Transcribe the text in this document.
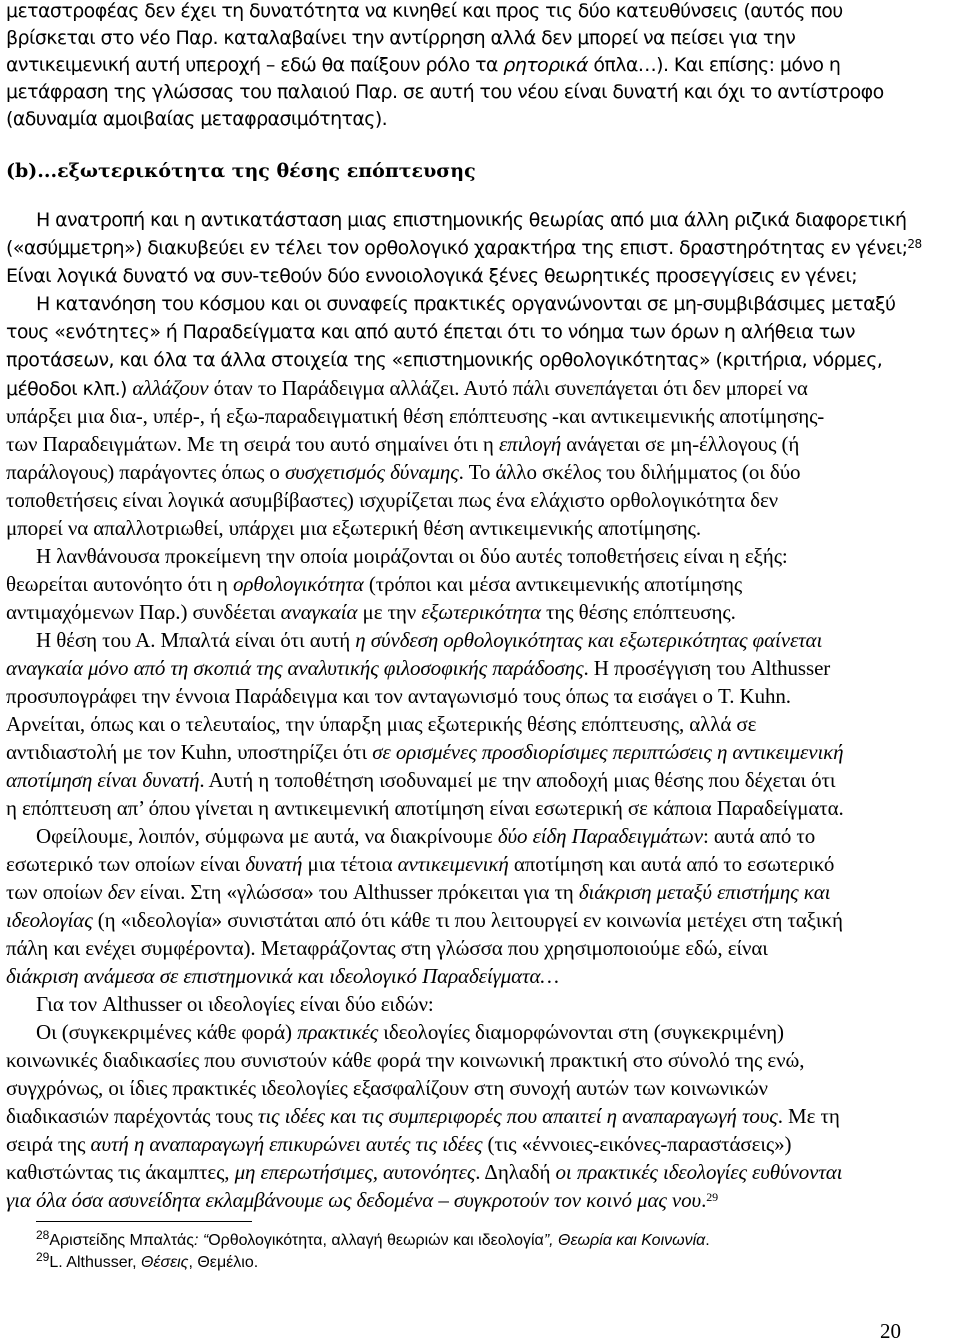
μεταστροφέας δεν έχει τη δυνατότητα να κινηθεί και προς τις δύο κατευθύνσεις (αυτός που
βρίσκεται στο νέο Παρ. καταλαβαίνει την αντίρρηση αλλά δεν μπορεί να πείσει για την
αντικειμενική αυτή υπεροχή – εδώ θα παίξουν ρόλο τα ρητορικά όπλα…). Και επίσης: μόνο η
μετάφραση της γλώσσας του παλαιού Παρ. σε αυτή του νέου είναι δυνατή και όχι το αντίστροφο
(αδυναμία αμοιβαίας μεταφρασιμότητας).
(b)...εξωτερικότητα της θέσης επόπτευσης
Η ανατροπή και η αντικατάσταση μιας επιστημονικής θεωρίας από μια άλλη ριζικά διαφορετική
(«ασύμμετρη») διακυβεύει εν τέλει τον ορθολογικό χαρακτήρα της επιστ. δραστηρότητας εν γένει;$^{28}$
Είναι λογικά δυνατό να συν-τεθούν δύο εννοιολογικά ξένες θεωρητικές προσεγγίσεις εν γένει;
Η κατανόηση του κόσμου και οι συναφείς πρακτικές οργανώνονται σε μη-συμβιβάσιμες μεταξύ
τους «ενότητες» ή Παραδείγματα και από αυτό έπεται ότι το νόημα των όρων η αλήθεια των
προτάσεων, και όλα τα άλλα στοιχεία της «επιστημονικής ορθολογικότητας» (κριτήρια, νόρμες,
μέθοδοι κλπ.) αλλάζουν όταν το Παράδειγμα αλλάζει. Αυτό πάλι συνεπάγεται ότι δεν μπορεί να
υπάρξει μια δια-, υπέρ-, ή εξω-παραδειγματική θέση επόπτευσης -και αντικειμενικής αποτίμησης-
των Παραδειγμάτων. Με τη σειρά του αυτό σημαίνει ότι η επιλογή ανάγεται σε μη-έλλογους (ή
παράλογους) παράγοντες όπως ο συσχετισμός δύναμης. Το άλλο σκέλος του διλήμματος (οι δύο
τοποθετήσεις είναι λογικά ασυμβίβαστες) ισχυρίζεται πως ένα ελάχιστο ορθολογικότητα δεν
μπορεί να απαλλοτριωθεί, υπάρχει μια εξωτερική θέση αντικειμενικής αποτίμησης.
Η λανθάνουσα προκείμενη την οποία μοιράζονται οι δύο αυτές τοποθετήσεις είναι η εξής:
θεωρείται αυτονόητο ότι η ορθολογικότητα (τρόποι και μέσα αντικειμενικής αποτίμησης
αντιμαχόμενων Παρ.) συνδέεται αναγκαία με την εξωτερικότητα της θέσης επόπτευσης.
Η θέση του Α. Μπαλτά είναι ότι αυτή η σύνδεση ορθολογικότητας και εξωτερικότητας φαίνεται
αναγκαία μόνο από τη σκοπιά της αναλυτικής φιλοσοφικής παράδοσης. Η προσέγγιση του Althusser
προσυπογράφει την έννοια Παράδειγμα και τον ανταγωνισμό τους όπως τα εισάγει ο T. Kuhn.
Αρνείται, όπως και ο τελευταίος, την ύπαρξη μιας εξωτερικής θέσης επόπτευσης, αλλά σε
αντιδιαστολή με τον Kuhn, υποστηρίζει ότι σε ορισμένες προσδιορίσιμες περιπτώσεις η αντικειμενική
αποτίμηση είναι δυνατή. Αυτή η τοποθέτηση ισοδυναμεί με την αποδοχή μιας θέσης που δέχεται ότι
η επόπτευση απ’ όπου γίνεται η αντικειμενική αποτίμηση είναι εσωτερική σε κάποια Παραδείγματα.
Οφείλουμε, λοιπόν, σύμφωνα με αυτά, να διακρίνουμε δύο είδη Παραδειγμάτων: αυτά από το
εσωτερικό των οποίων είναι δυνατή μια τέτοια αντικειμενική αποτίμηση και αυτά από το εσωτερικό
των οποίων δεν είναι. Στη «γλώσσα» του Althusser πρόκειται για τη διάκριση μεταξύ επιστήμης και
ιδεολογίας (η «ιδεολογία» συνιστάται από ότι κάθε τι που λειτουργεί εν κοινωνία μετέχει στη ταξική
πάλη και ενέχει συμφέροντα). Μεταφράζοντας στη γλώσσα που χρησιμοποιούμε εδώ, είναι
διάκριση ανάμεσα σε επιστημονικά και ιδεολογικό Παραδείγματα…
Για τον Althusser οι ιδεολογίες είναι δύο ειδών:
Οι (συγκεκριμένες κάθε φορά) πρακτικές ιδεολογίες διαμορφώνονται στη (συγκεκριμένη)
κοινωνικές διαδικασίες που συνιστούν κάθε φορά την κοινωνική πρακτική στο σύνολό της ενώ,
συγχρόνως, οι ίδιες πρακτικές ιδεολογίες εξασφαλίζουν στη συνοχή αυτών των κοινωνικών
διαδικασιών παρέχοντάς τους τις ιδέες και τις συμπεριφορές που απαιτεί η αναπαραγωγή τους. Με τη
σειρά της αυτή η αναπαραγωγή επικυρώνει αυτές τις ιδέες (τις «έννοιες-εικόνες-παραστάσεις»)
καθιστώντας τις άκαμπτες, μη επερωτήσιμες, αυτονόητες. Δηλαδή οι πρακτικές ιδεολογίες ευθύνονται
για όλα όσα ασυνείδητα εκλαμβάνουμε ως δεδομένα – συγκροτούν τον κοινό μας νου.$^{29}$
$^{28}$Αριστείδης Μπαλτάς: “Ορθολογικότητα, αλλαγή θεωριών και ιδεολογία”, Θεωρία και Κοινωνία.
$^{29}$L. Althusser, Θέσεις, Θεμέλιο.
20
